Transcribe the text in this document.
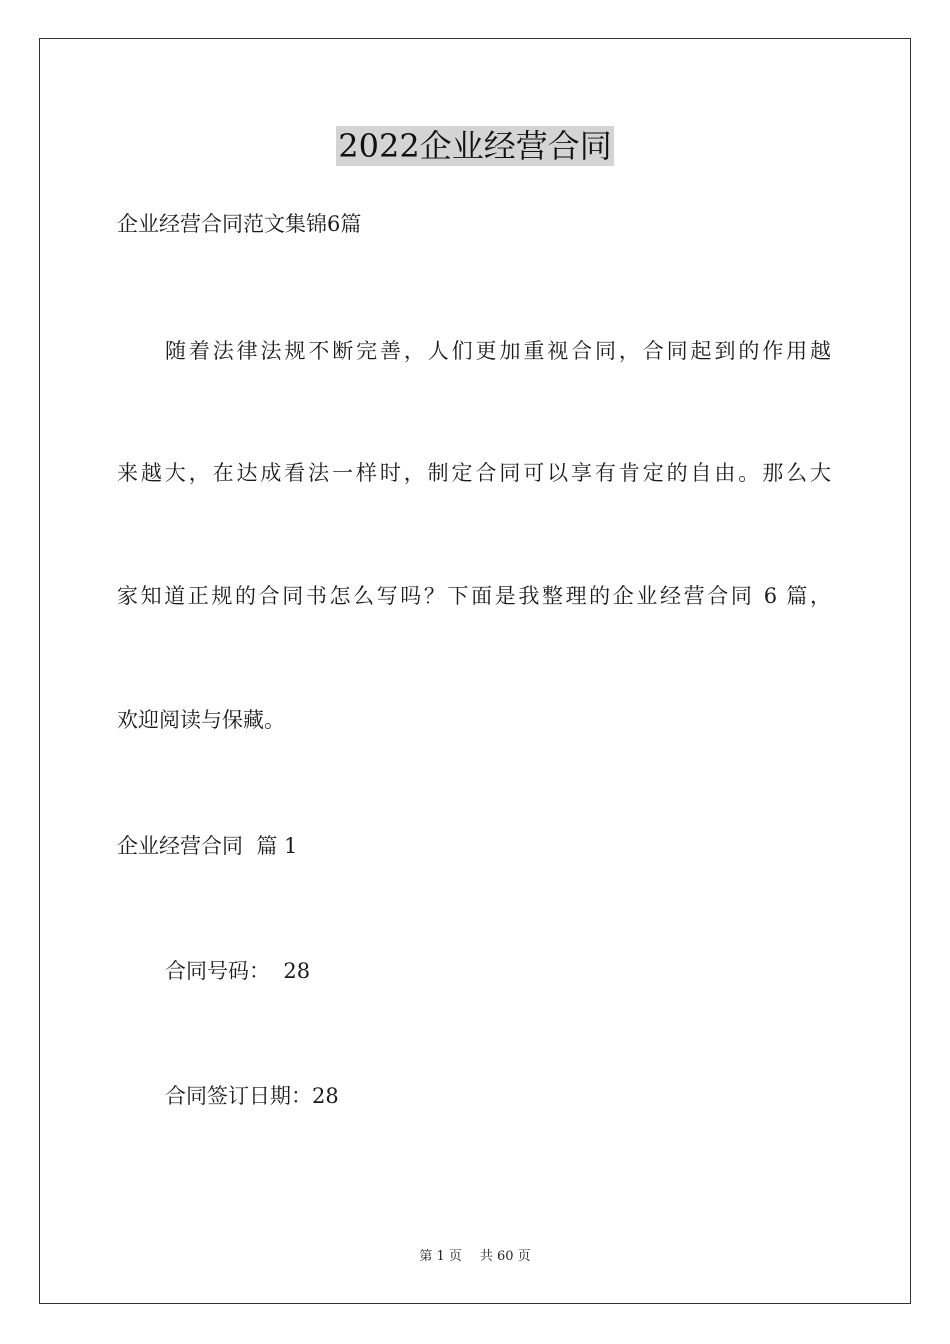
2022企业经营合同
企业经营合同范文集锦6篇
随着法律法规不断完善，人们更加重视合同，合同起到的作用越
来越大，在达成看法一样时，制定合同可以享有肯定的自由。那么大
家知道正规的合同书怎么写吗？下面是我整理的企业经营合同 6 篇，
欢迎阅读与保藏。
企业经营合同  篇 1
合同号码：  28
合同签订日期：28
第 1 页 共 60 页
